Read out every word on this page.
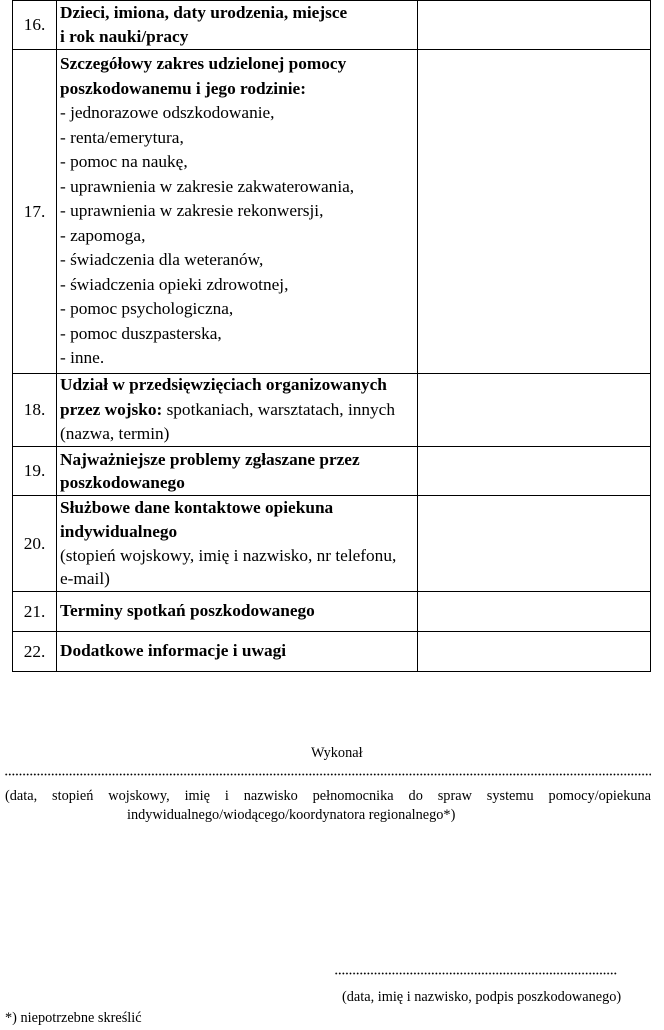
16.
Dzieci, imiona, daty urodzenia, miejsce
i rok nauki/pracy
17.
Szczegółowy zakres udzielonej pomocy
poszkodowanemu i jego rodzinie:
- jednorazowe odszkodowanie,
- renta/emerytura,
- pomoc na naukę,
- uprawnienia w zakresie zakwaterowania,
- uprawnienia w zakresie rekonwersji,
- zapomoga,
- świadczenia dla weteranów,
- świadczenia opieki zdrowotnej,
- pomoc psychologiczna,
- pomoc duszpasterska,
- inne.
18.
Udział w przedsięwzięciach organizowanych
przez wojsko: spotkaniach, warsztatach, innych
(nazwa, termin)
19.
Najważniejsze problemy zgłaszane przez
poszkodowanego
20.
Służbowe dane kontaktowe opiekuna
indywidualnego
(stopień wojskowy, imię i nazwisko, nr telefonu,
e-mail)
21. Terminy spotkań poszkodowanego
22. Dodatkowe informacje i uwagi
Wykonał
(data, stopień wojskowy, imię i nazwisko pełnomocnika do spraw systemu pomocy/opiekuna
indywidualnego/wiodącego/koordynatora regionalnego*)
(data, imię i nazwisko, podpis poszkodowanego)
*) niepotrzebne skreślić
